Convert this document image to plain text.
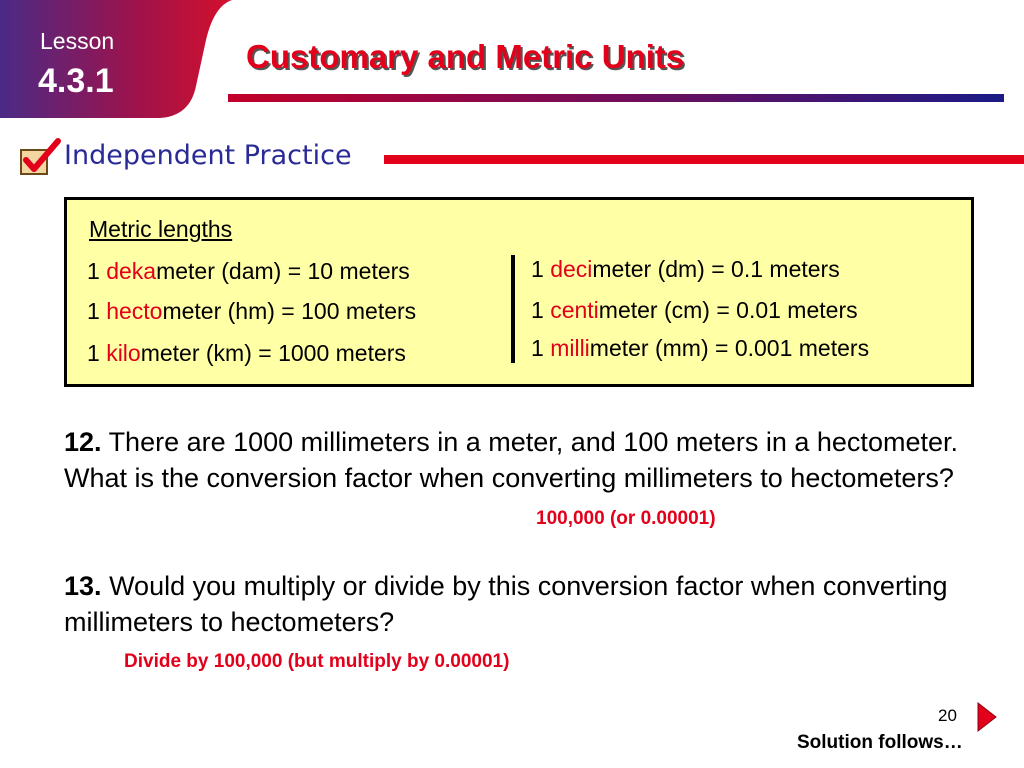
Lesson
4.3.1
Customary and Metric Units
Independent Practice
Metric lengths
1 dekameter (dam) = 10 meters
1 hectometer (hm) = 100 meters
1 kilometer (km) = 1000 meters
1 decimeter (dm) = 0.1 meters
1 centimeter (cm) = 0.01 meters
1 millimeter (mm) = 0.001 meters
12. There are 1000 millimeters in a meter, and 100 meters in a hectometer. What is the conversion factor when converting millimeters to hectometers?
100,000 (or 0.00001)
13. Would you multiply or divide by this conversion factor when converting millimeters to hectometers?
Divide by 100,000 (but multiply by 0.00001)
20
Solution follows…
